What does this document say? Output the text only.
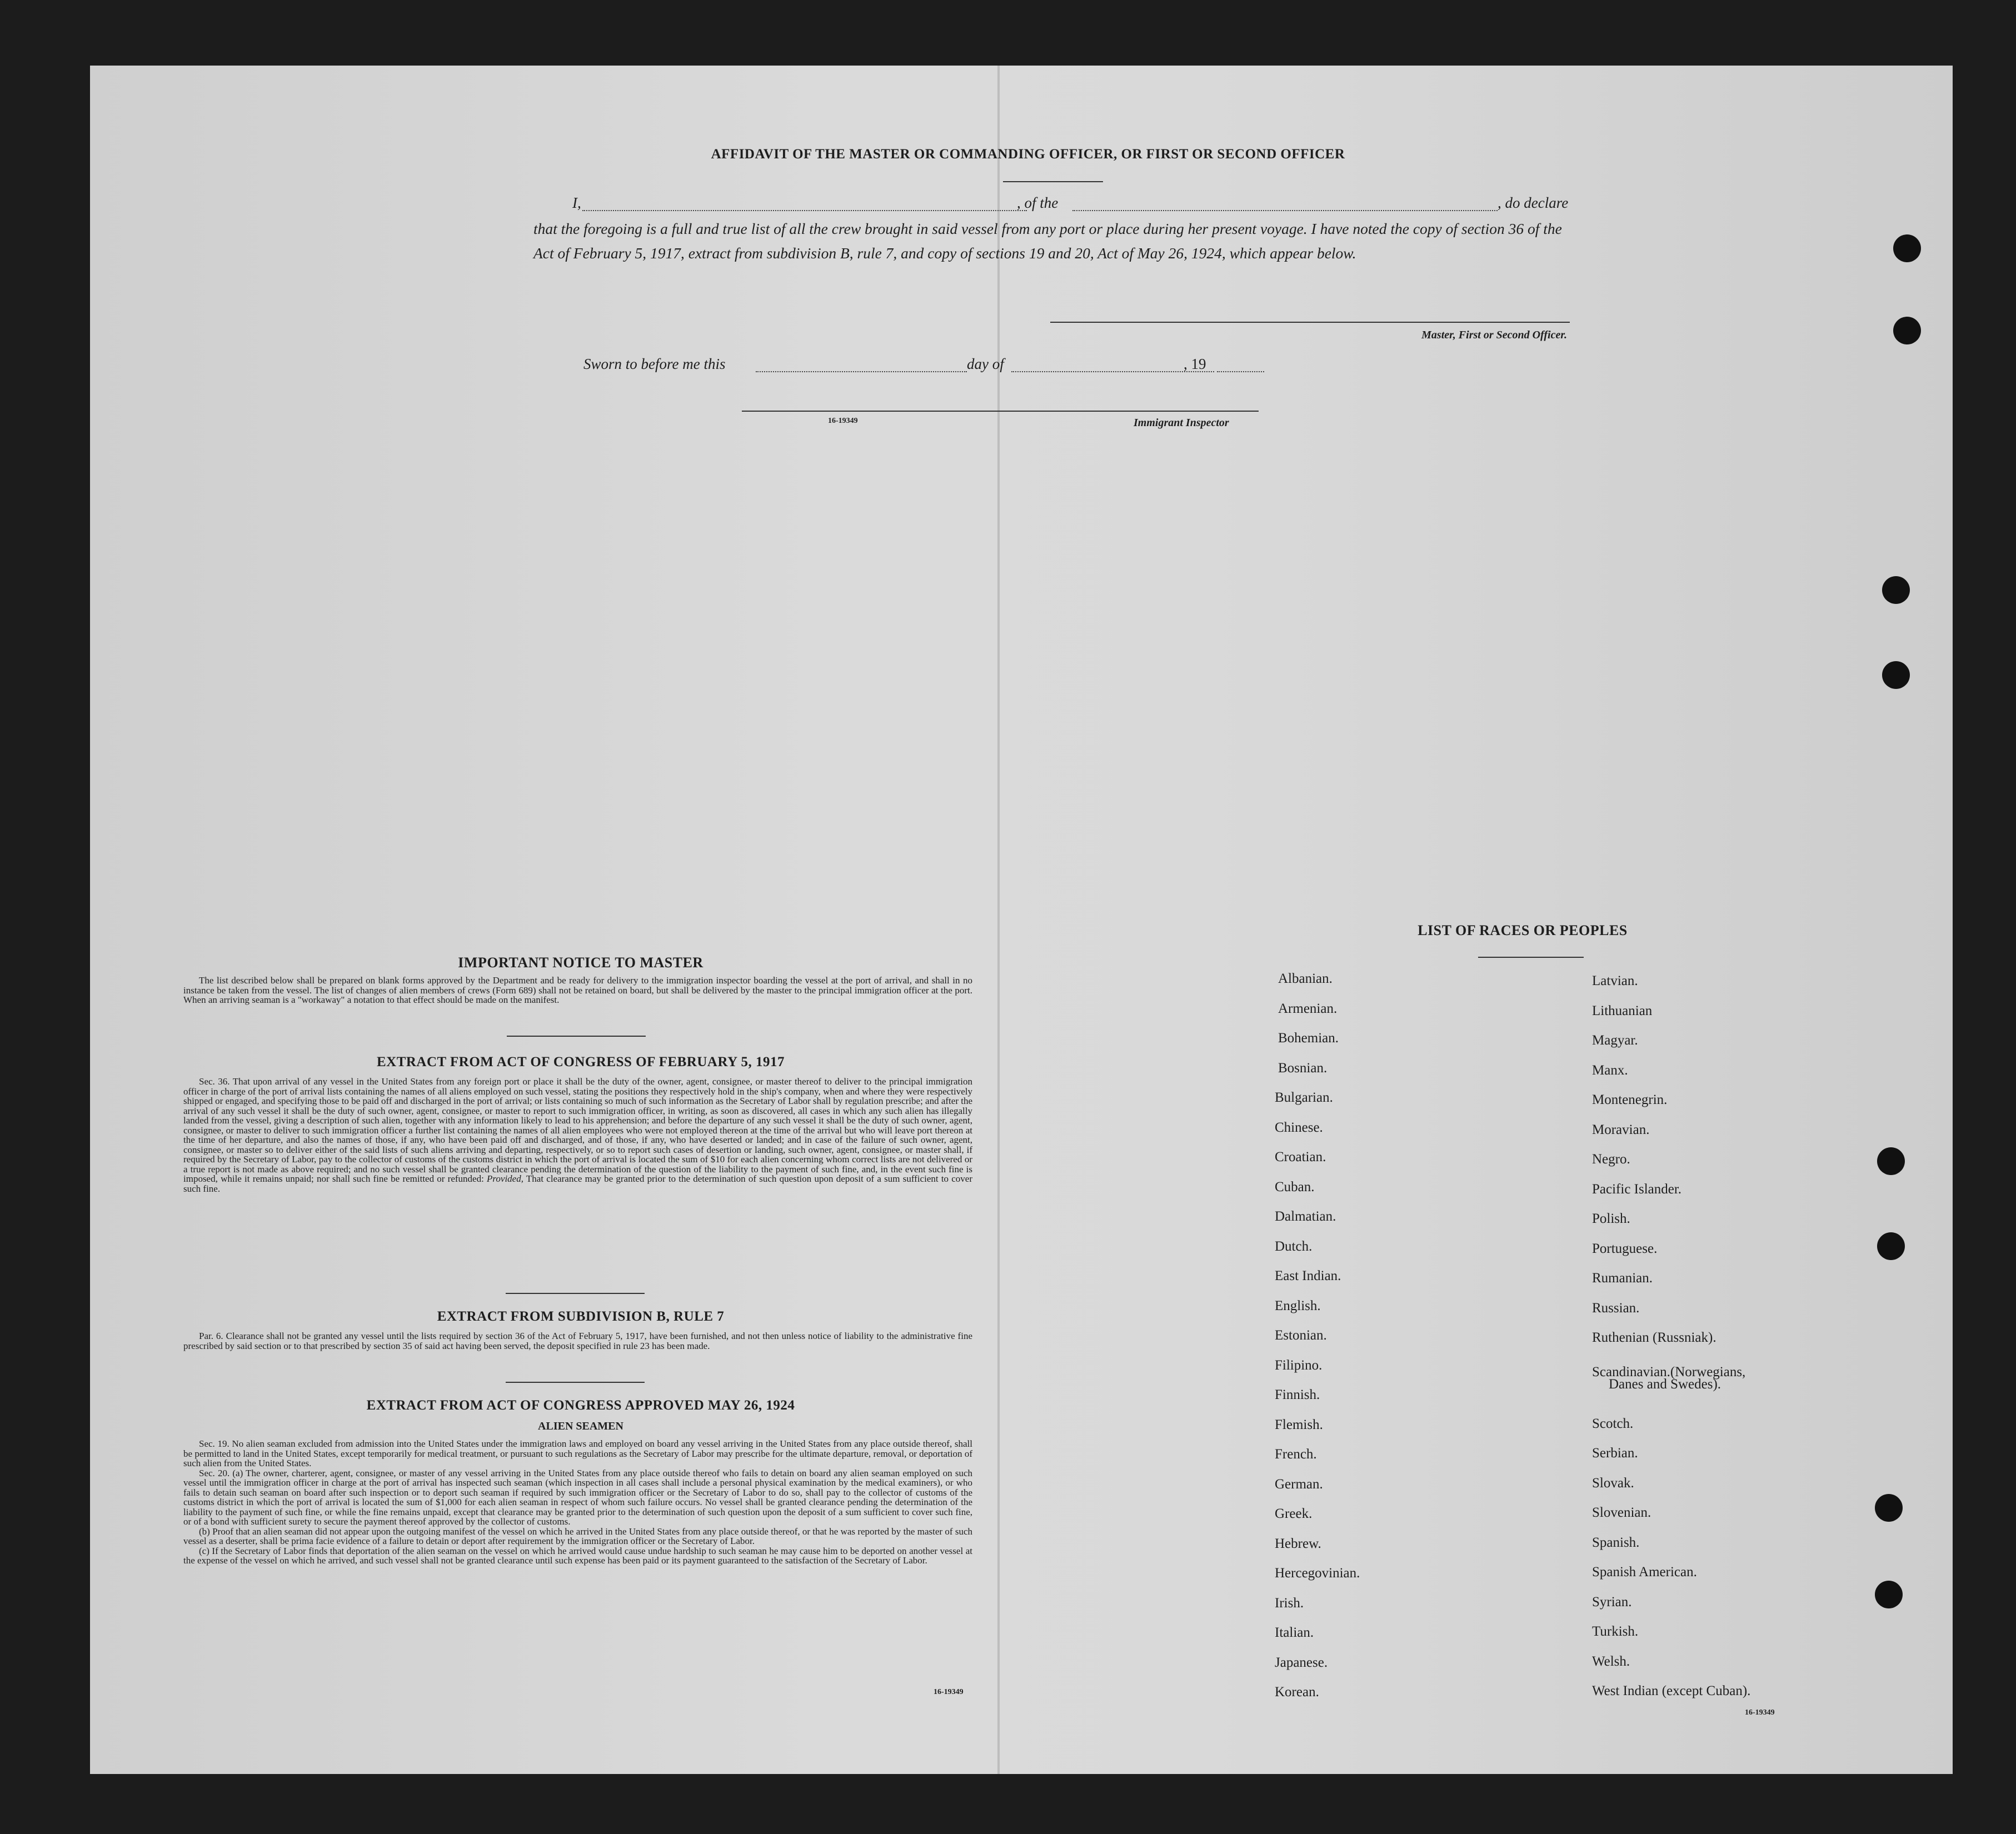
AFFIDAVIT OF THE MASTER OR COMMANDING OFFICER, OR FIRST OR SECOND OFFICER
I,	, of the	, do declare
that the foregoing is a full and true list of all the crew brought in said vessel from any port or place during her present voyage. I have noted the copy of section 36 of the Act of February 5, 1917, extract from subdivision B, rule 7, and copy of sections 19 and 20, Act of May 26, 1924, which appear below.
Master, First or Second Officer.
Sworn to before me this	day of	, 19
16-19349	Immigrant Inspector
IMPORTANT NOTICE TO MASTER

The list described below shall be prepared on blank forms approved by the Department and be ready for delivery to the immigration inspector boarding the vessel at the port of arrival, and shall in no instance be taken from the vessel. The list of changes of alien members of crews (Form 689) shall not be retained on board, but shall be delivered by the master to the principal immigration officer at the port. When an arriving seaman is a "workaway" a notation to that effect should be made on the manifest.

EXTRACT FROM ACT OF CONGRESS OF FEBRUARY 5, 1917

Sec. 36. That upon arrival of any vessel in the United States from any foreign port or place it shall be the duty of the owner, agent, consignee, or master thereof to deliver to the principal immigration officer in charge of the port of arrival lists containing the names of all aliens employed on such vessel, stating the positions they respectively hold in the ship's company, when and where they were respectively shipped or engaged, and specifying those to be paid off and discharged in the port of arrival; or lists containing so much of such information as the Secretary of Labor shall by regulation prescribe; and after the arrival of any such vessel it shall be the duty of such owner, agent, consignee, or master to report to such immigration officer, in writing, as soon as discovered, all cases in which any such alien has illegally landed from the vessel, giving a description of such alien, together with any information likely to lead to his apprehension; and before the departure of any such vessel it shall be the duty of such owner, agent, consignee, or master to deliver to such immigration officer a further list containing the names of all alien employees who were not employed thereon at the time of the arrival but who will leave port thereon at the time of her departure, and also the names of those, if any, who have been paid off and discharged, and of those, if any, who have deserted or landed; and in case of the failure of such owner, agent, consignee, or master so to deliver either of the said lists of such aliens arriving and departing, respectively, or so to report such cases of desertion or landing, such owner, agent, consignee, or master shall, if required by the Secretary of Labor, pay to the collector of customs of the customs district in which the port of arrival is located the sum of $10 for each alien concerning whom correct lists are not delivered or a true report is not made as above required; and no such vessel shall be granted clearance pending the determination of the question of the liability to the payment of such fine, and, in the event such fine is imposed, while it remains unpaid; nor shall such fine be remitted or refunded: Provided, That clearance may be granted prior to the determination of such question upon deposit of a sum sufficient to cover such fine.

EXTRACT FROM SUBDIVISION B, RULE 7

Par. 6. Clearance shall not be granted any vessel until the lists required by section 36 of the Act of February 5, 1917, have been furnished, and not then unless notice of liability to the administrative fine prescribed by said section or to that prescribed by section 35 of said act having been served, the deposit specified in rule 23 has been made.

EXTRACT FROM ACT OF CONGRESS APPROVED MAY 26, 1924
ALIEN SEAMEN

Sec. 19. No alien seaman excluded from admission into the United States under the immigration laws and employed on board any vessel arriving in the United States from any place outside thereof, shall be permitted to land in the United States, except temporarily for medical treatment, or pursuant to such regulations as the Secretary of Labor may prescribe for the ultimate departure, removal, or deportation of such alien from the United States.

Sec. 20. (a) The owner, charterer, agent, consignee, or master of any vessel arriving in the United States from any place outside thereof who fails to detain on board any alien seaman employed on such vessel until the immigration officer in charge at the port of arrival has inspected such seaman (which inspection in all cases shall include a personal physical examination by the medical examiners), or who fails to detain such seaman on board after such inspection or to deport such seaman if required by such immigration officer or the Secretary of Labor to do so, shall pay to the collector of customs of the customs district in which the port of arrival is located the sum of $1,000 for each alien seaman in respect of whom such failure occurs. No vessel shall be granted clearance pending the determination of the liability to the payment of such fine, or while the fine remains unpaid, except that clearance may be granted prior to the determination of such question upon the deposit of a sum sufficient to cover such fine, or of a bond with sufficient surety to secure the payment thereof approved by the collector of customs.

(b) Proof that an alien seaman did not appear upon the outgoing manifest of the vessel on which he arrived in the United States from any place outside thereof, or that he was reported by the master of such vessel as a deserter, shall be prima facie evidence of a failure to detain or deport after requirement by the immigration officer or the Secretary of Labor.

(c) If the Secretary of Labor finds that deportation of the alien seaman on the vessel on which he arrived would cause undue hardship to such seaman he may cause him to be deported on another vessel at the expense of the vessel on which he arrived, and such vessel shall not be granted clearance until such expense has been paid or its payment guaranteed to the satisfaction of the Secretary of Labor.

16-19349
LIST OF RACES OR PEOPLES
Albanian.
Armenian.
Bohemian.
Bosnian.
Bulgarian.
Chinese.
Croatian.
Cuban.
Dalmatian.
Dutch.
East Indian.
English.
Estonian.
Filipino.
Finnish.
Flemish.
French.
German.
Greek.
Hebrew.
Hercegovinian.
Irish.
Italian.
Japanese.
Korean.
Latvian.
Lithuanian
Magyar.
Manx.
Montenegrin.
Moravian.
Negro.
Pacific Islander.
Polish.
Portuguese.
Rumanian.
Russian.
Ruthenian (Russniak).
Scandinavian.(Norwegians,
Scotch.
Serbian.
Slovak.
Slovenian.
Spanish.
Spanish American.
Syrian.
Turkish.
Welsh.
West Indian (except Cuban).
Danes and Swedes).
16-19349
